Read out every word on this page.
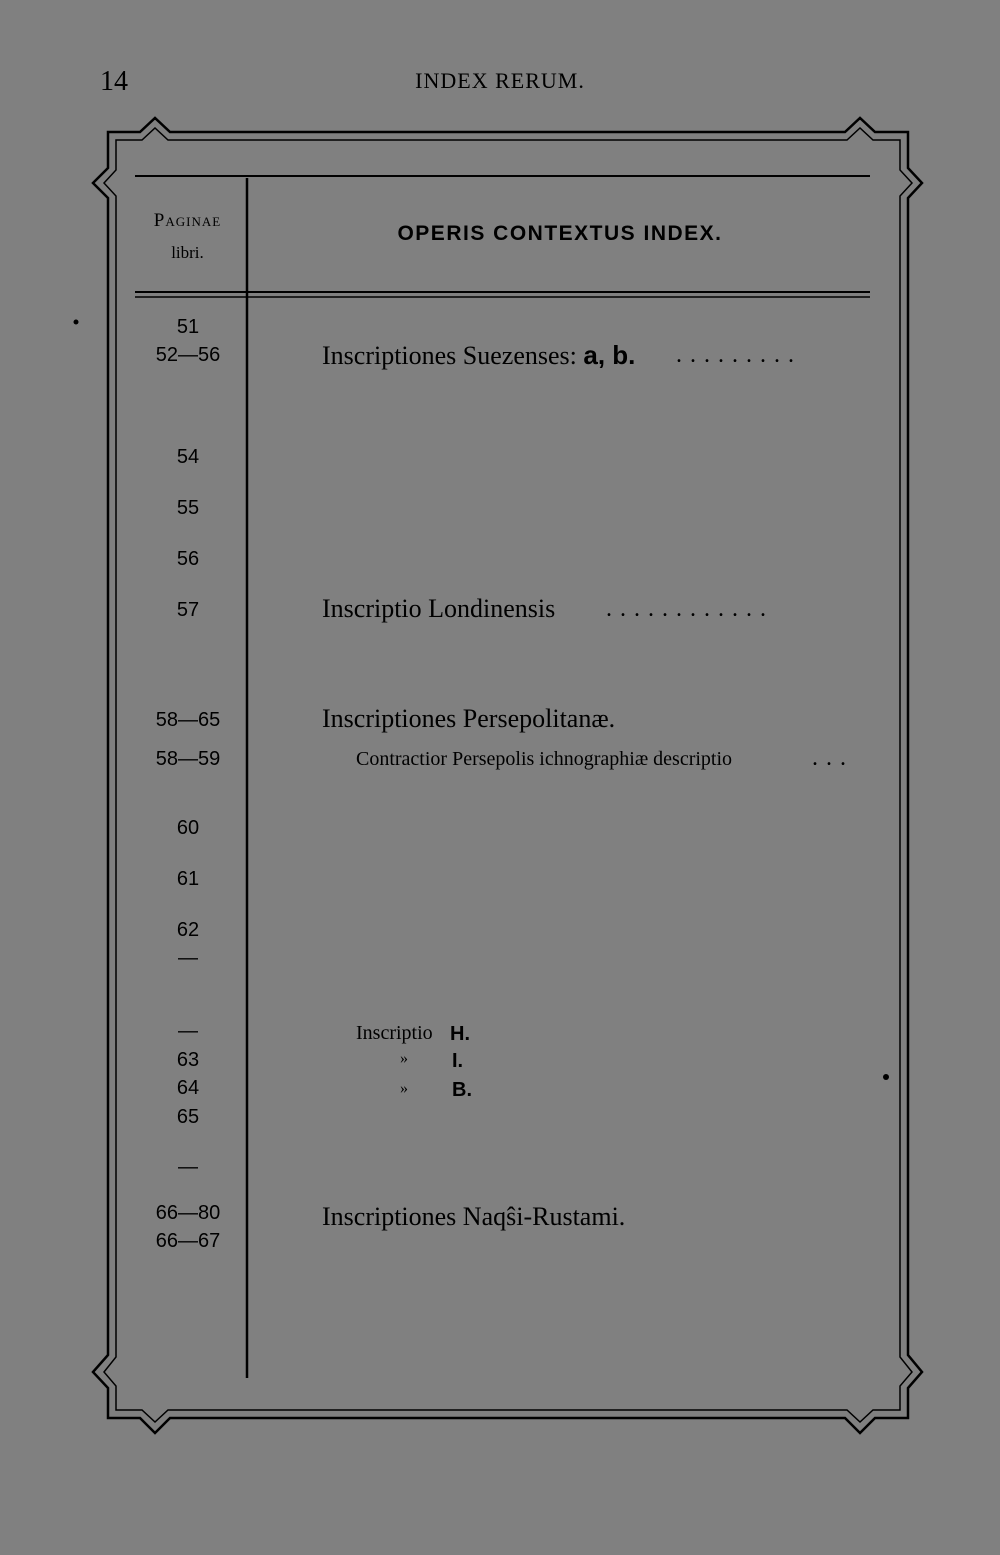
14	INDEX RERUM.
Paginae
libri.
OPERIS CONTEXTUS INDEX.
51
52—56
54
55
56
57
58—65
58—59
60
61
62
—
—
63
64
65
—
66—80
66—67
Inscriptiones Suezenses: a, b. .........
Inscriptio Londinensis ............
Inscriptiones Persepolitanæ.
Contractior Persepolis ichnographiæ descriptio	...
Inscriptio H.
» I.
» B.
Inscriptiones Naqŝi-Rustami.
